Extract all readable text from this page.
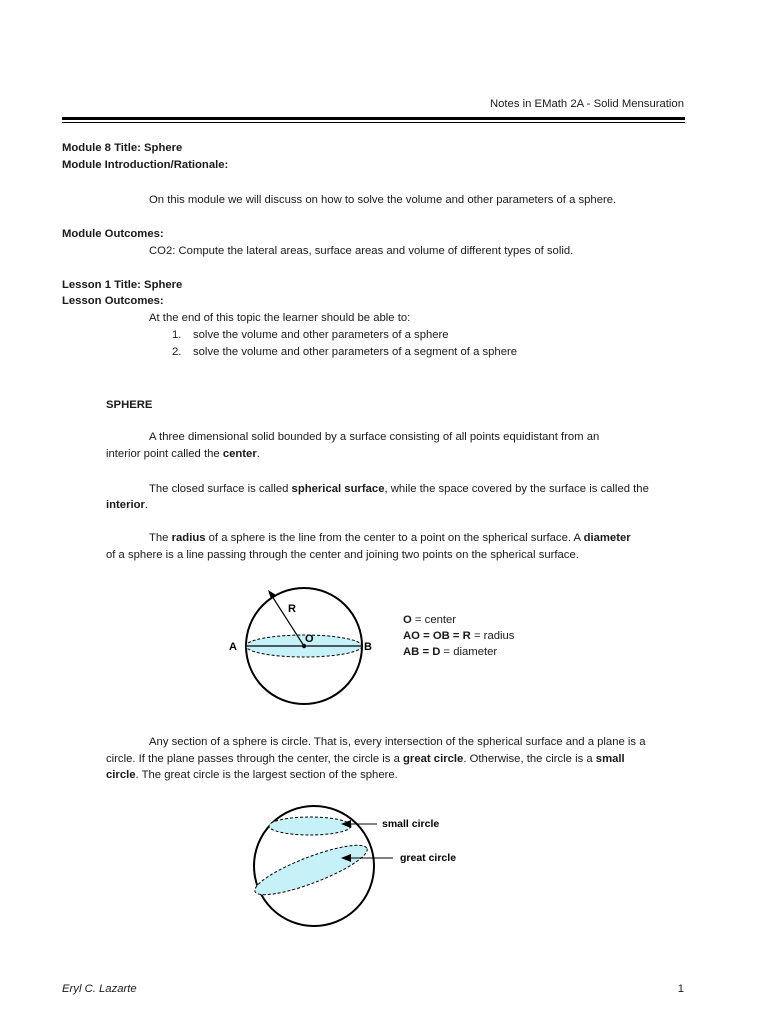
Notes in EMath 2A - Solid Mensuration
Module 8 Title: Sphere
Module Introduction/Rationale:
On this module we will discuss on how to solve the volume and other parameters of a sphere.
Module Outcomes:
CO2: Compute the lateral areas, surface areas and volume of different types of solid.
Lesson 1 Title: Sphere
Lesson Outcomes:
At the end of this topic the learner should be able to:
1. solve the volume and other parameters of a sphere
2. solve the volume and other parameters of a segment of a sphere
SPHERE
A three dimensional solid bounded by a surface consisting of all points equidistant from an
interior point called the center.
The closed surface is called spherical surface, while the space covered by the surface is called the
interior.
The radius of a sphere is the line from the center to a point on the spherical surface. A diameter
of a sphere is a line passing through the center and joining two points on the spherical surface.
R
O
A	B
O = center
AO = OB = R = radius
AB = D = diameter
Any section of a sphere is circle. That is, every intersection of the spherical surface and a plane is a
circle. If the plane passes through the center, the circle is a great circle. Otherwise, the circle is a small
circle. The great circle is the largest section of the sphere.
small circle
great circle
Eryl C. Lazarte	1
